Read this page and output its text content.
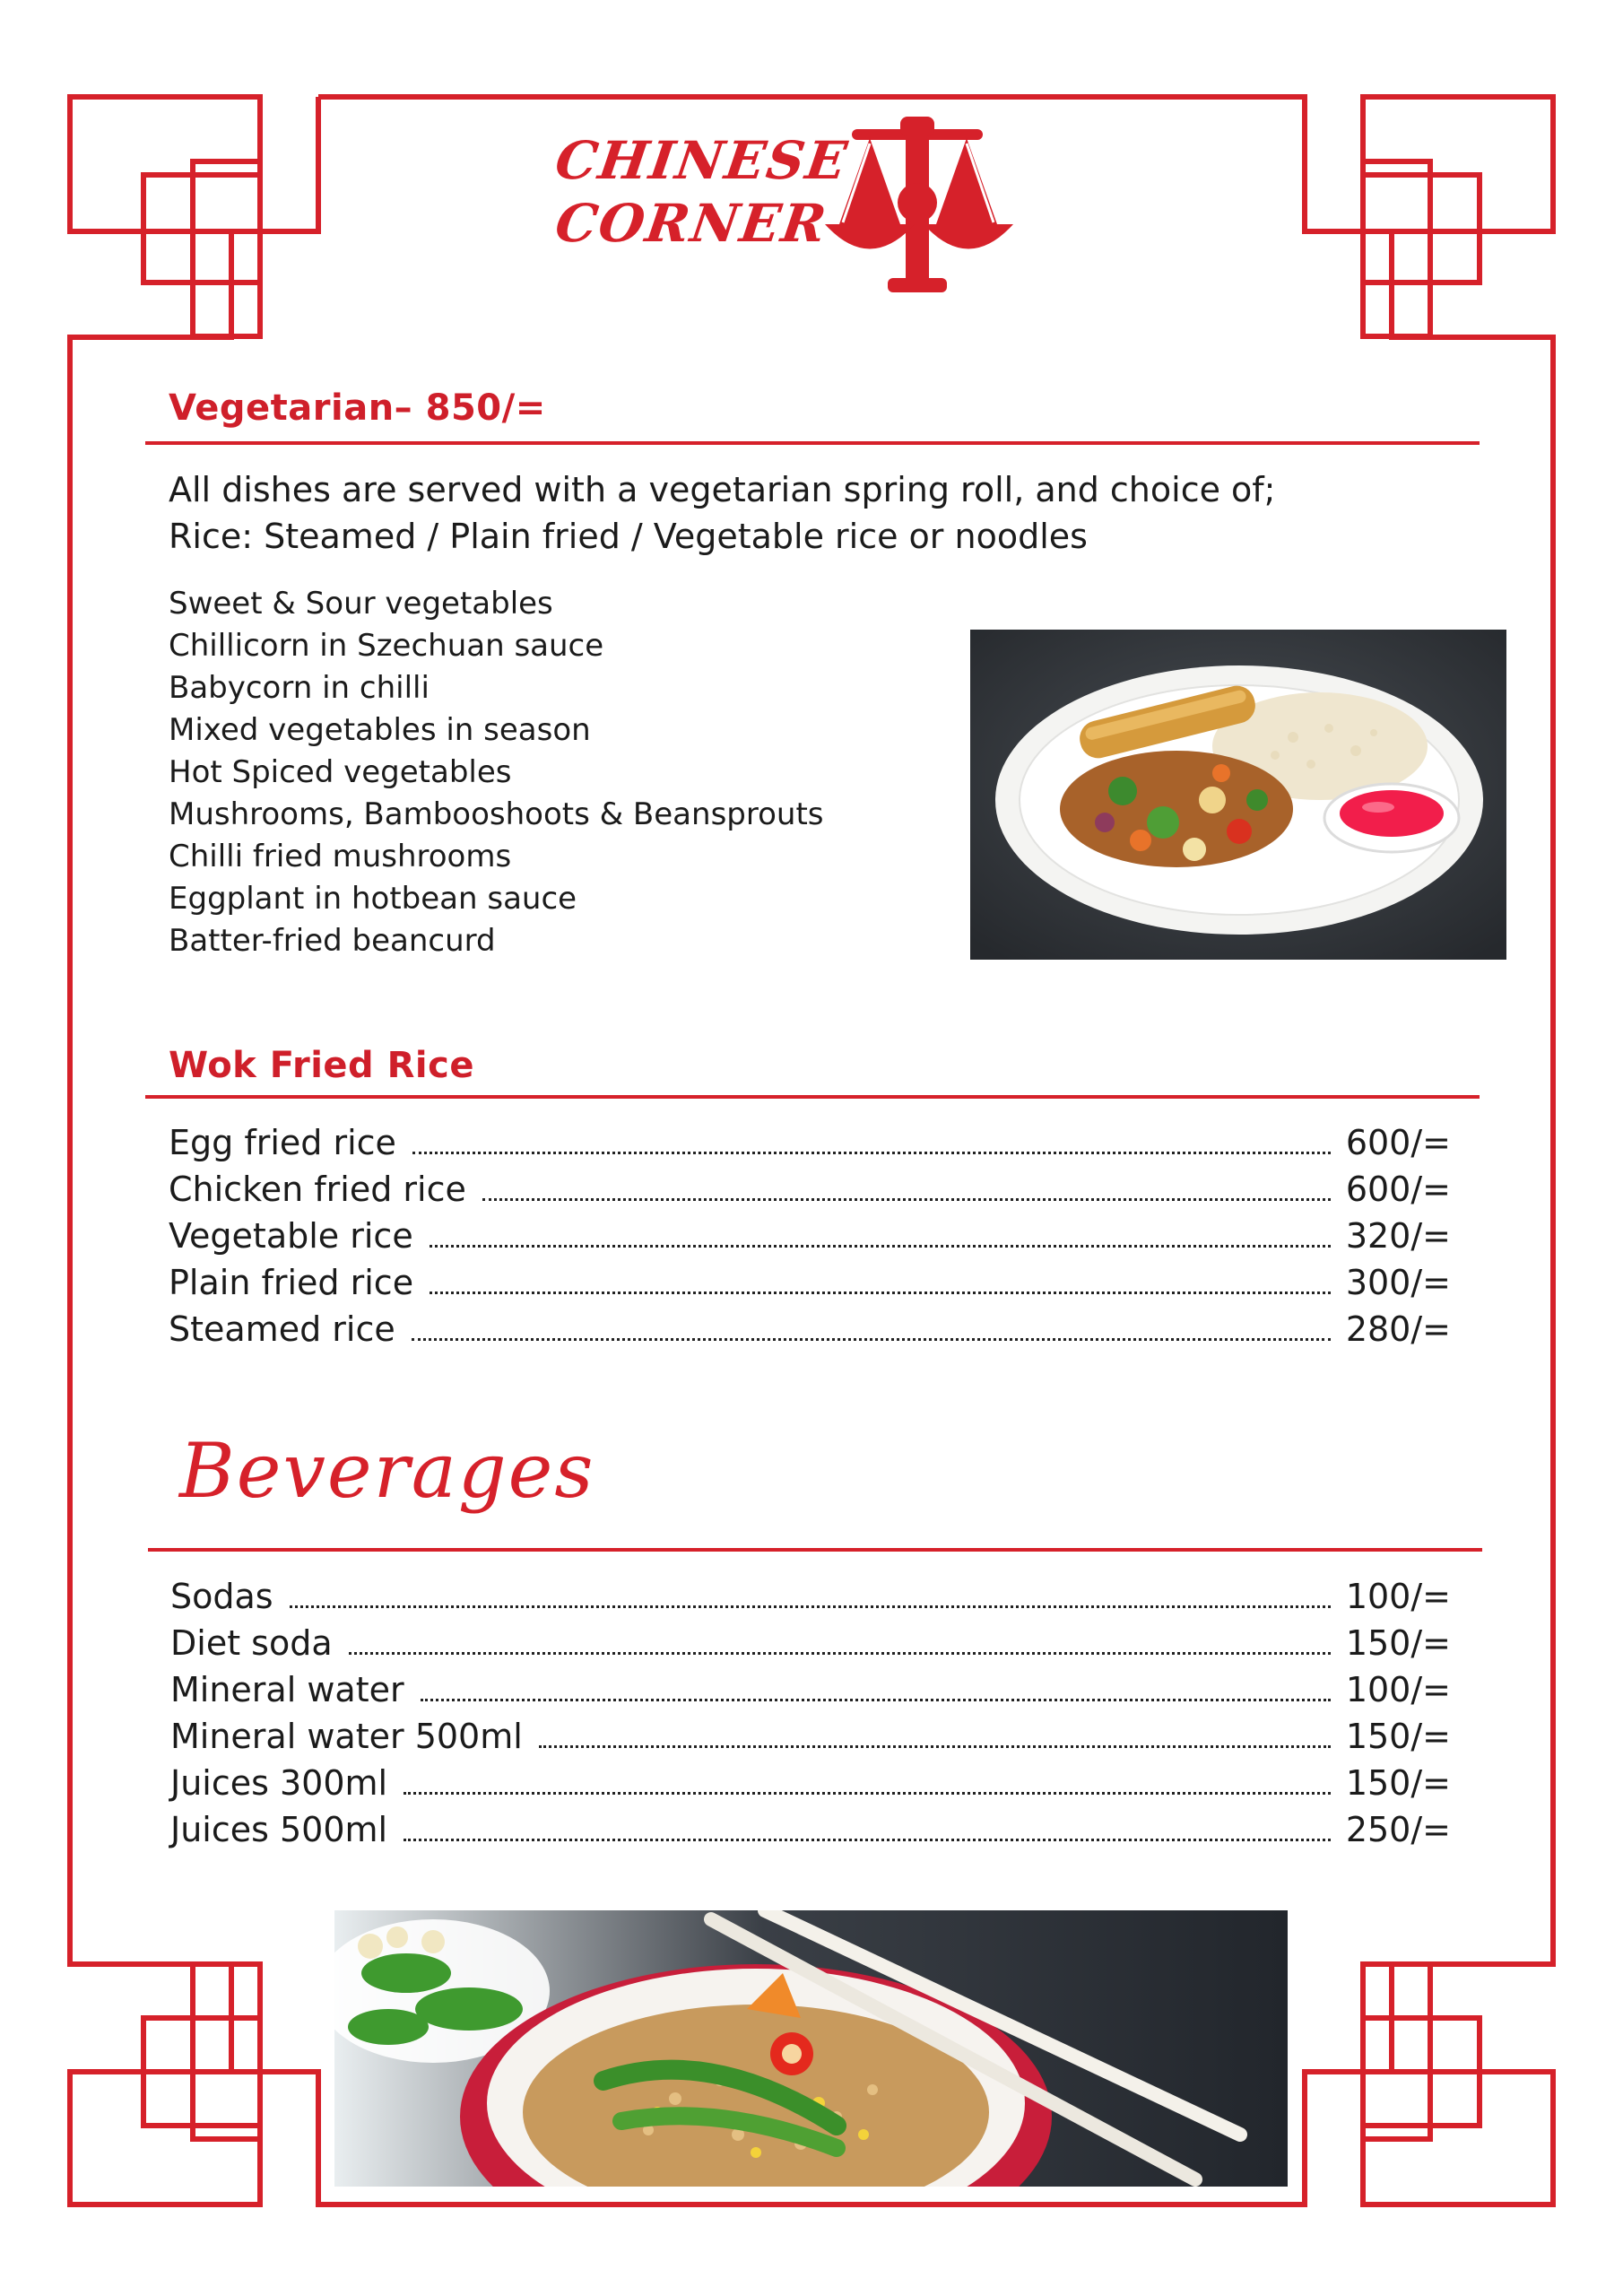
CHINESE
CORNER
Vegetarian– 850/=
All dishes are served with a vegetarian spring roll, and choice of;
Rice: Steamed / Plain fried / Vegetable rice or noodles
Sweet & Sour vegetables
Chillicorn in Szechuan sauce
Babycorn in chilli
Mixed vegetables in season
Hot Spiced vegetables
Mushrooms, Bambooshoots & Beansprouts
Chilli fried mushrooms
Eggplant in hotbean sauce
Batter-fried beancurd
Wok Fried Rice
Egg fried rice	600/=
Chicken fried rice	600/=
Vegetable rice	320/=
Plain fried rice	300/=
Steamed rice	280/=
Beverages
Sodas	100/=
Diet soda	150/=
Mineral water	100/=
Mineral water 500ml	150/=
Juices 300ml	150/=
Juices 500ml	250/=
